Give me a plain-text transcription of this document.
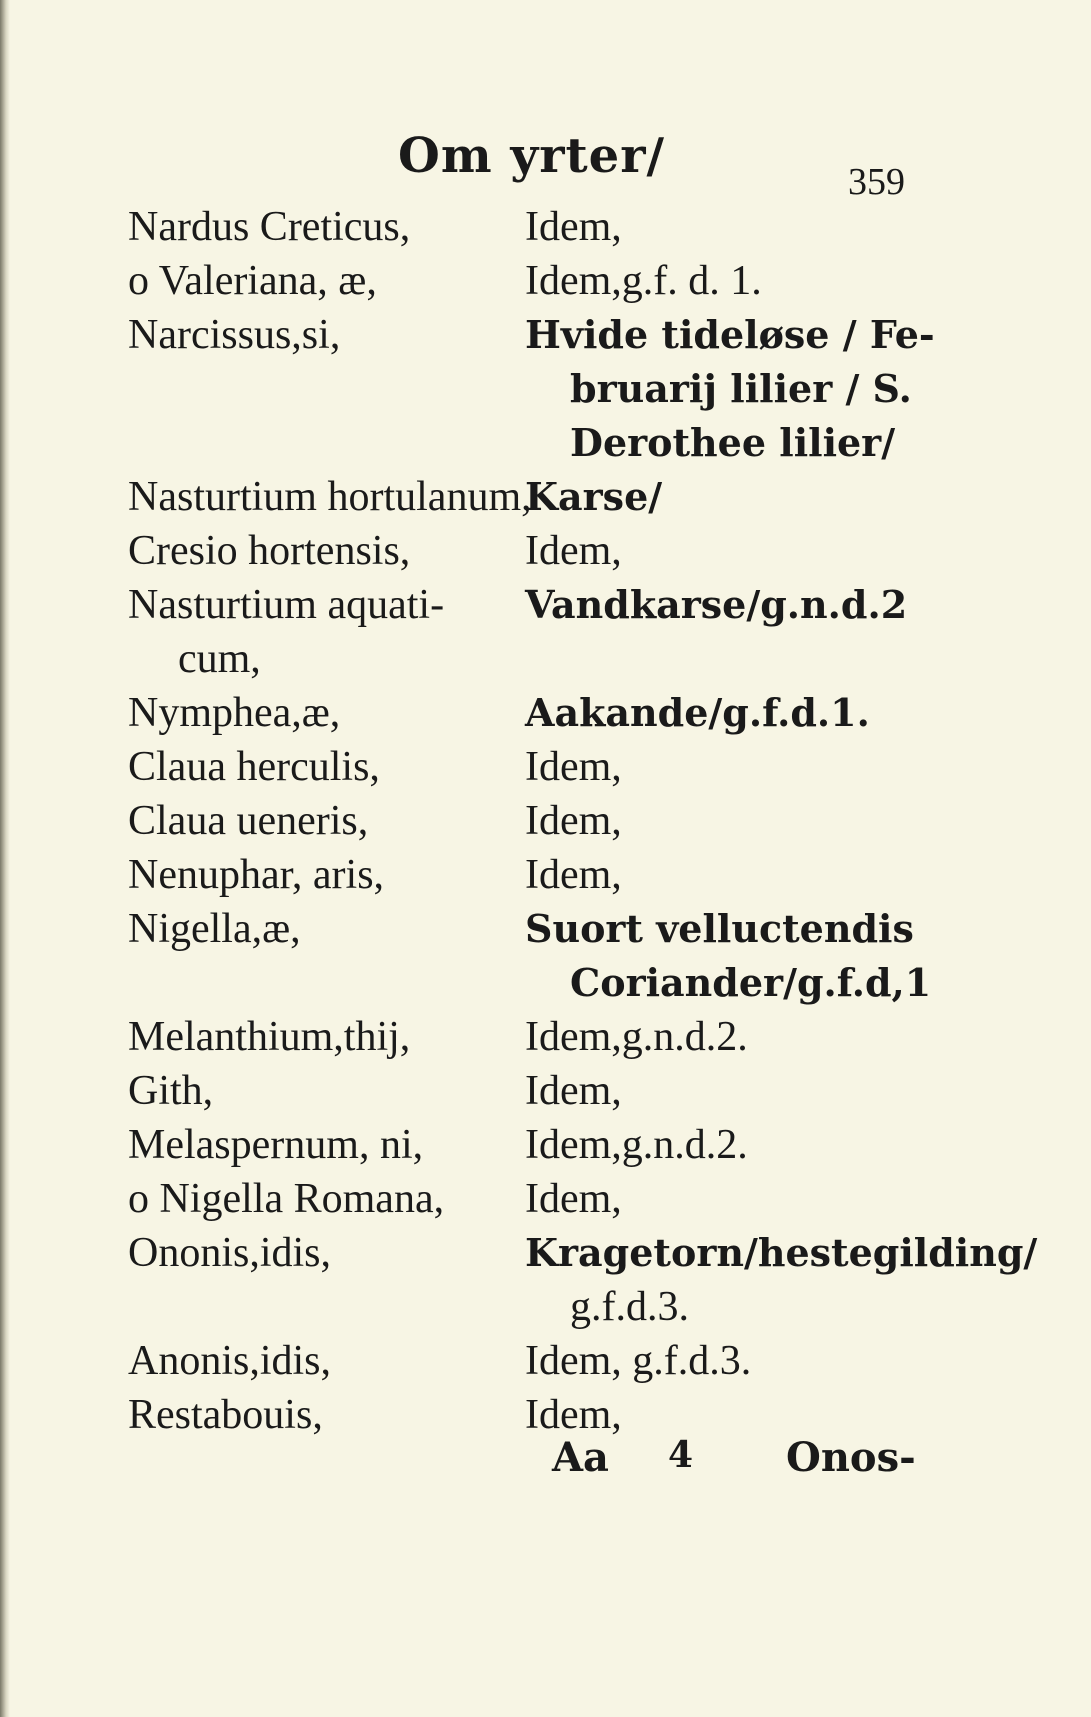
Om yrter/	359
Nardus Creticus,
o Valeriana, æ,
Narcissus,si,
Nasturtium hortulanum,
Cresio hortensis,
Nasturtium aquati-
cum,
Nymphea,æ,
Claua herculis,
Claua ueneris,
Nenuphar, aris,
Nigella,æ,
Melanthium,thij,
Gith,
Melaspernum, ni,
o Nigella Romana,
Ononis,idis,
Anonis,idis,
Restabouis,
Idem,
Idem,g.f. d. 1.
Hvide tideløse / Fe-
bruarij lilier / S.
Derothee lilier/
Karse/
Idem,
Vandkarse/g.n.d.2
Aakande/g.f.d.1.
Idem,
Idem,
Idem,
Suort velluctendis
Coriander/g.f.d,1
Idem,g.n.d.2.
Idem,
Idem,g.n.d.2.
Idem,
Kragetorn/hestegilding/
g.f.d.3.
Idem, g.f.d.3.
Idem,
Aa 4 Onos-
